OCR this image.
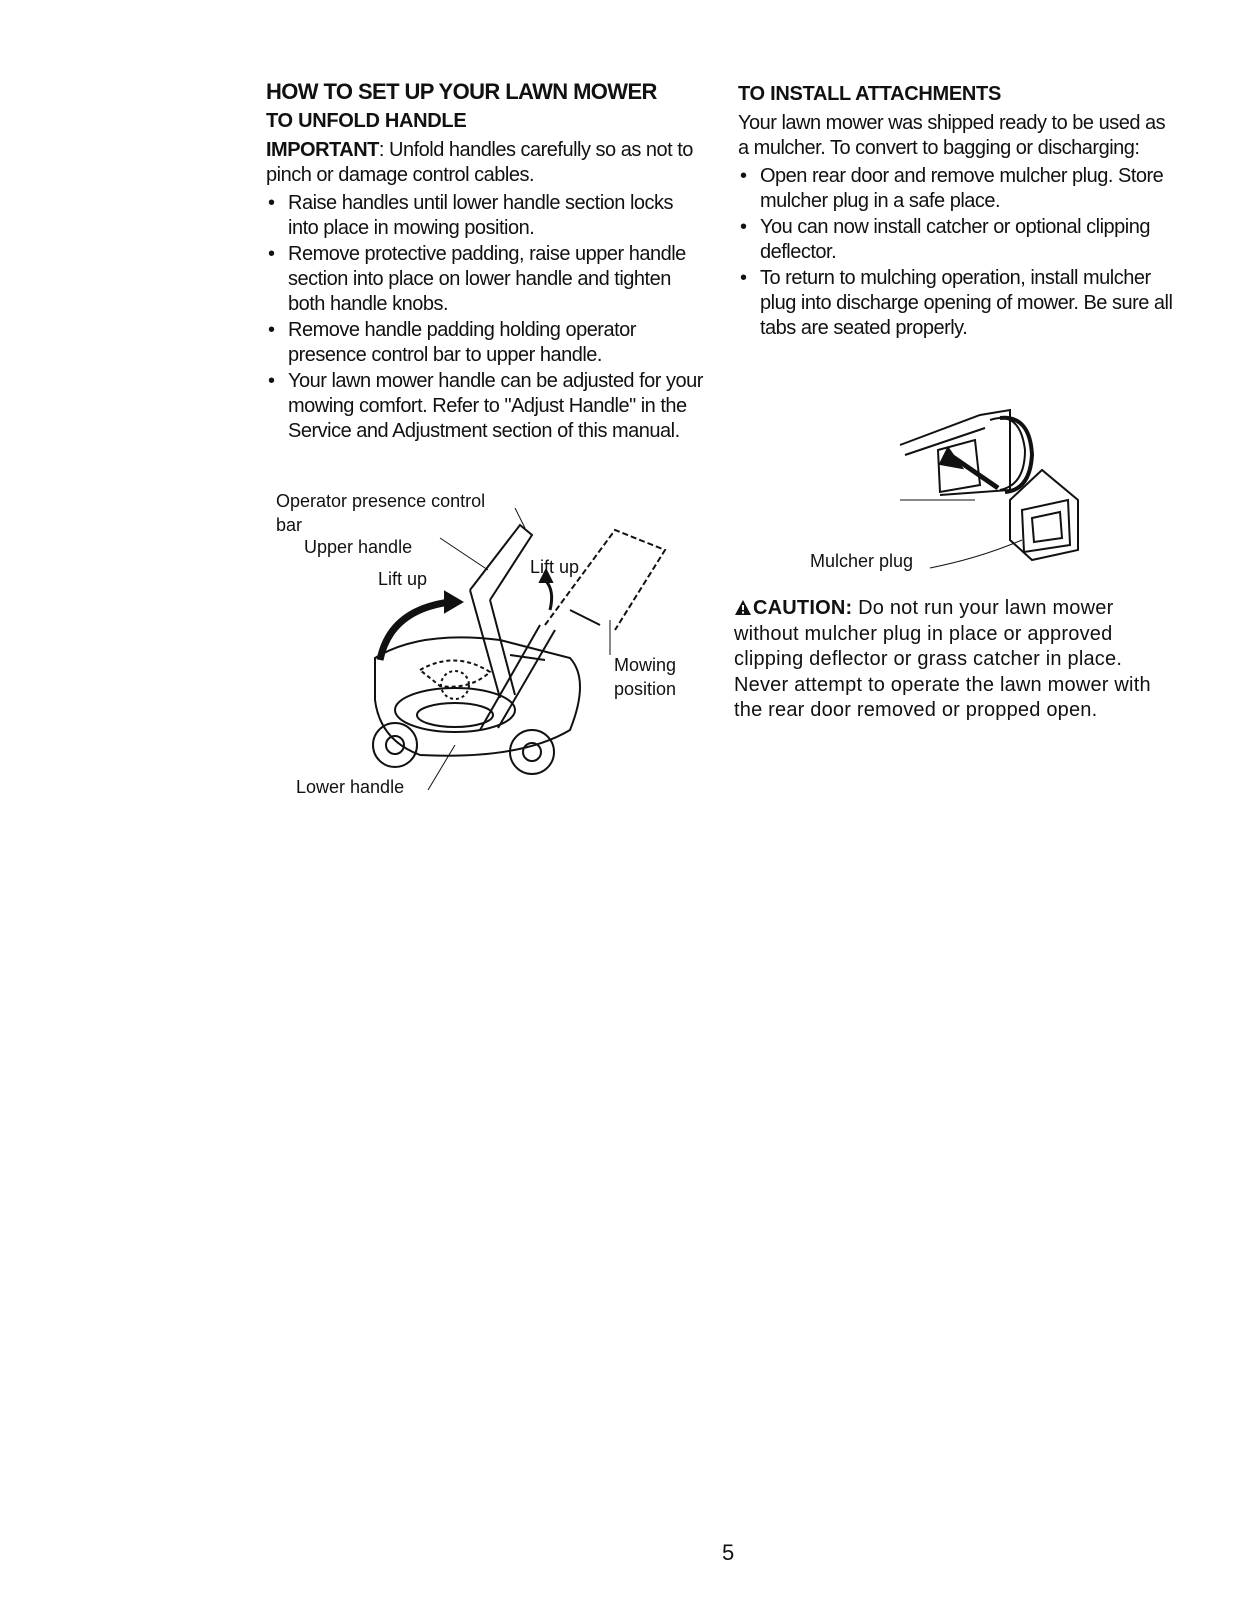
HOW TO SET UP YOUR LAWN MOWER
TO UNFOLD HANDLE

IMPORTANT: Unfold handles carefully so as not to pinch or damage control cables.

• Raise handles until lower handle section locks into place in mowing position.
• Remove protective padding, raise upper handle section into place on lower handle and tighten both handle knobs.
• Remove handle padding holding operator presence control bar to upper handle.
• Your lawn mower handle can be adjusted for your mowing comfort. Refer to "Adjust Handle" in the Service and Adjustment section of this manual.
Operator presence control
bar
Upper handle
Lift up
Lift up
Mowing
position
Lower handle
TO INSTALL ATTACHMENTS

Your lawn mower was shipped ready to be used as a mulcher. To convert to bagging or discharging:

• Open rear door and remove mulcher plug. Store mulcher plug in a safe place.
• You can now install catcher or optional clipping deflector.
• To return to mulching operation, install mulcher plug into discharge opening of mower. Be sure all tabs are seated properly.
Mulcher plug

CAUTION: Do not run your lawn mower without mulcher plug in place or approved clipping deflector or grass catcher in place. Never attempt to operate the lawn mower with the rear door removed or propped open.

5
